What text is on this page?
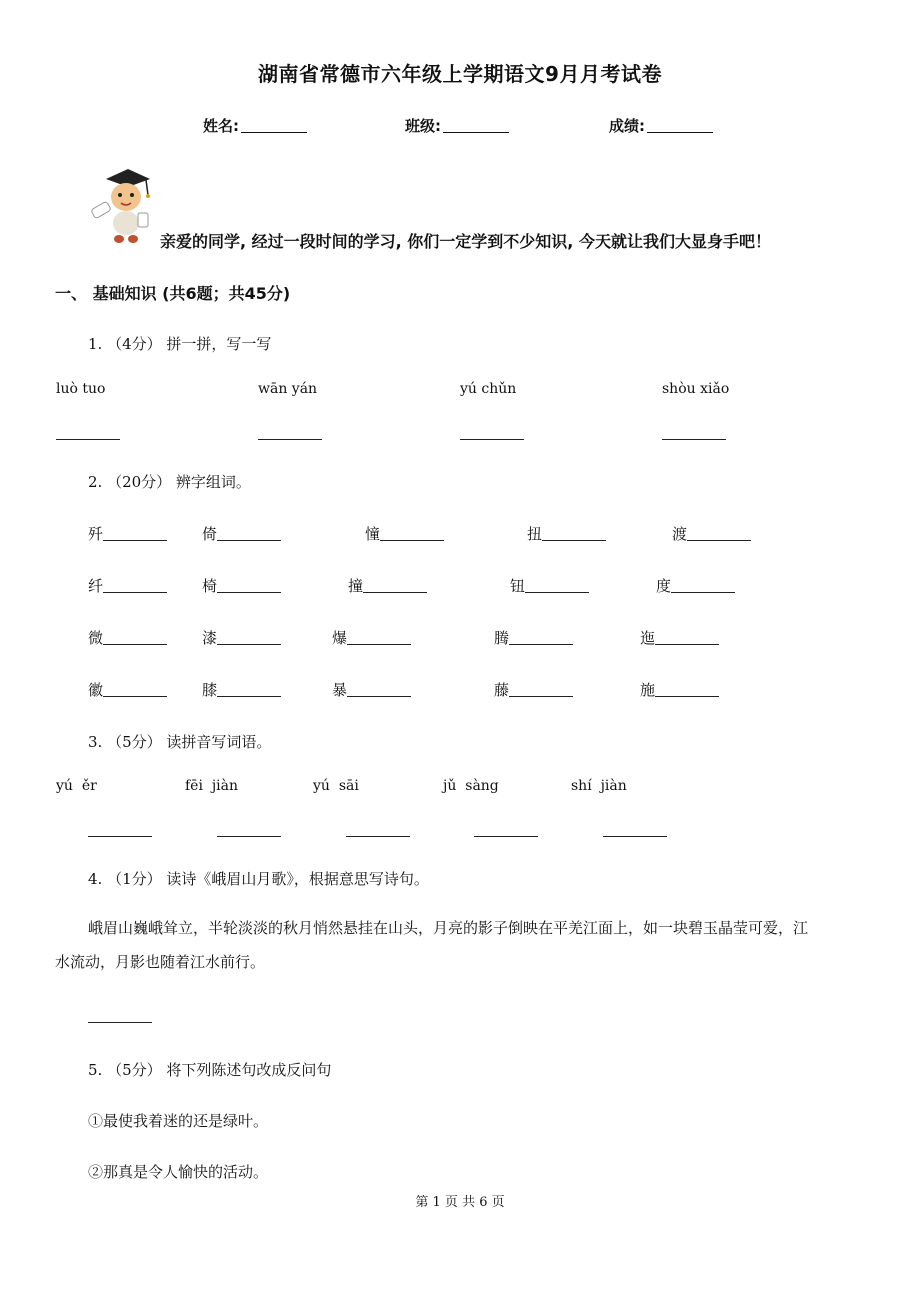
湖南省常德市六年级上学期语文9月月考试卷
姓名:	班级:	成绩:
亲爱的同学, 经过一段时间的学习, 你们一定学到不少知识, 今天就让我们大显身手吧！
一、 基础知识 (共6题；共45分)
1. （4分） 拼一拼，写一写
luò tuo	wān yán	yú chǔn	shòu xiǎo
2. （20分） 辨字组词。
歼	倚	憧	扭	渡
纤	椅	撞	钮	度
微	漆	爆	腾	迤
徽	膝	暴	藤	施
3. （5分） 读拼音写词语。
yú  ěr	fēi  jiàn	yú  sāi	jǔ  sàng	shí  jiàn
4. （1分） 读诗《峨眉山月歌》，根据意思写诗句。
峨眉山巍峨耸立，半轮淡淡的秋月悄然悬挂在山头，月亮的影子倒映在平羌江面上，如一块碧玉晶莹可爱，江
水流动，月影也随着江水前行。
5. （5分） 将下列陈述句改成反问句
①最使我着迷的还是绿叶。
②那真是令人愉快的活动。
第 1 页 共 6 页
